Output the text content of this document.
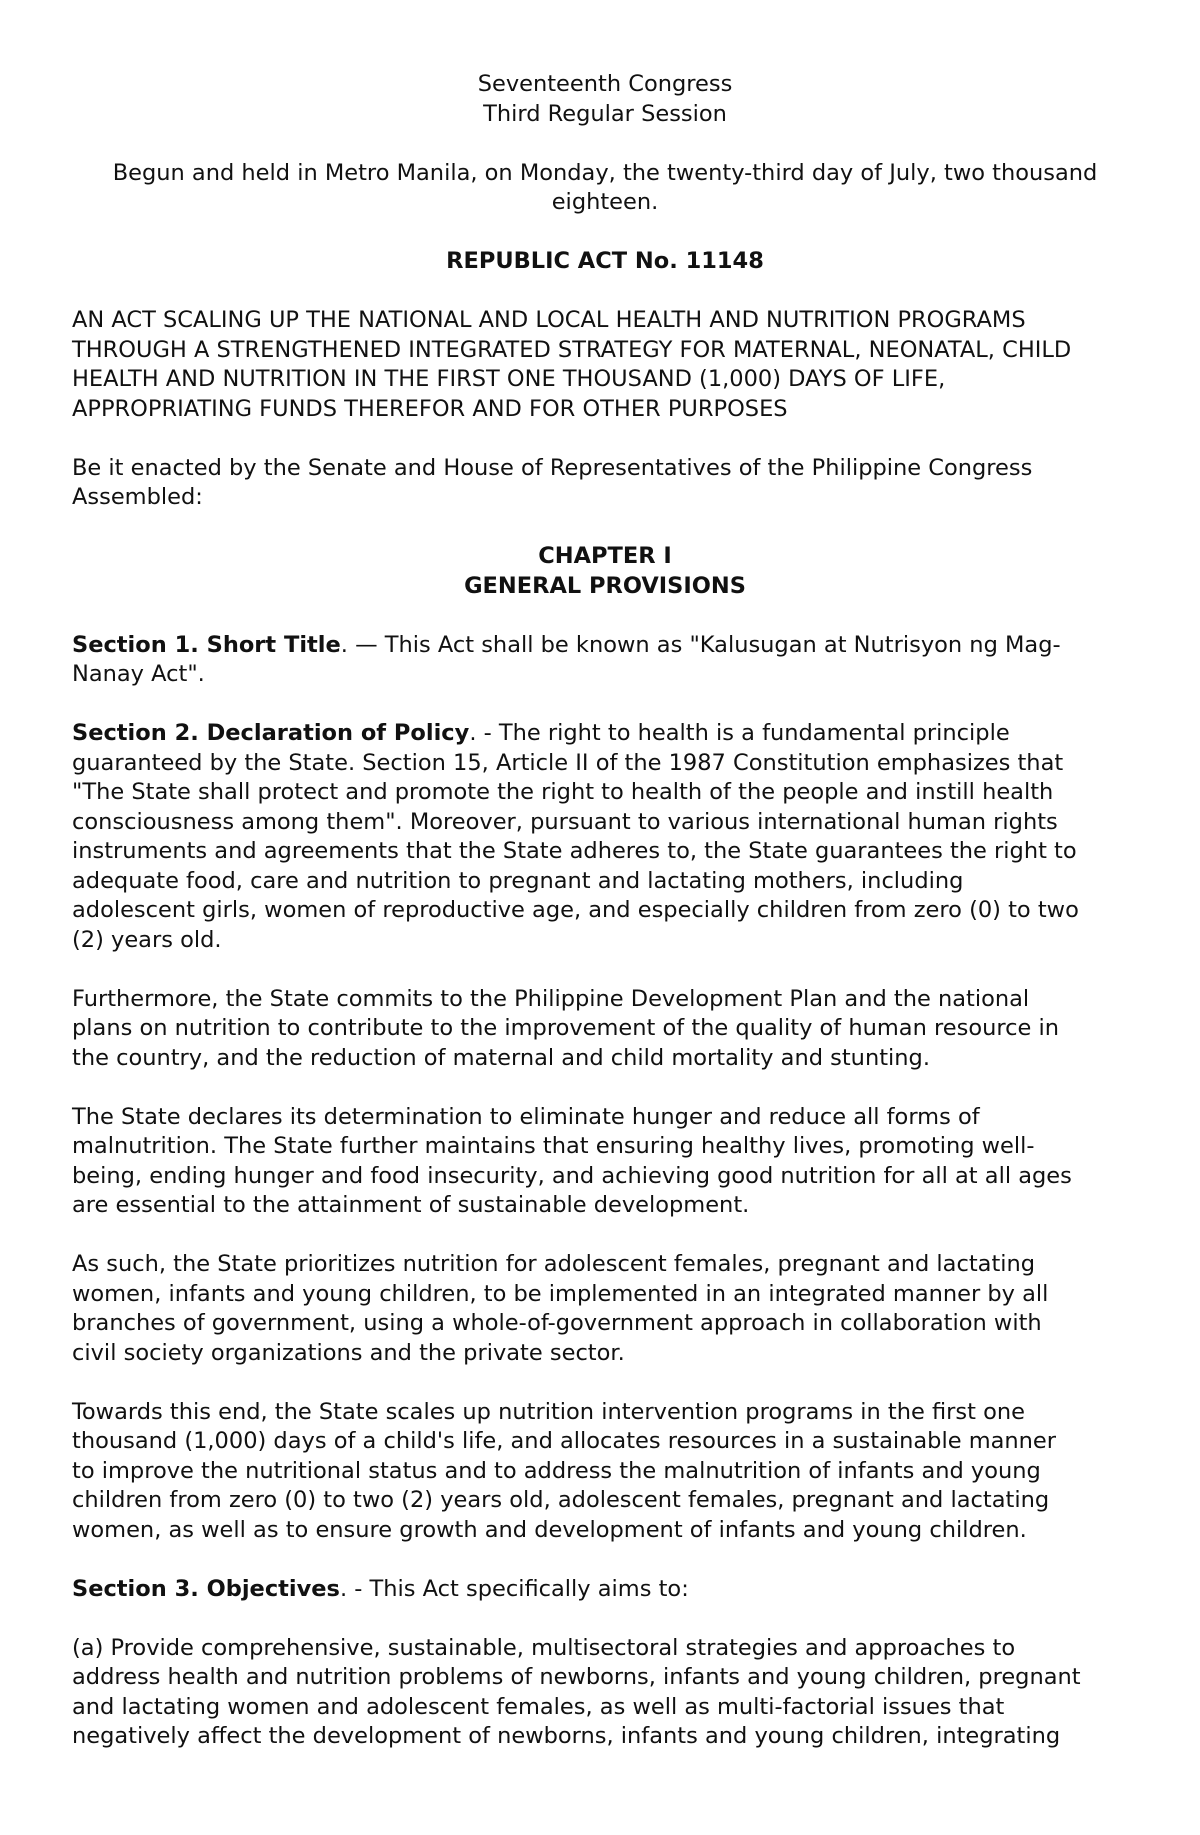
Seventeenth Congress

Third Regular Session

Begun and held in Metro Manila, on Monday, the twenty-third day of July, two thousand

eighteen.

REPUBLIC ACT No. 11148

AN ACT SCALING UP THE NATIONAL AND LOCAL HEALTH AND NUTRITION PROGRAMS

THROUGH A STRENGTHENED INTEGRATED STRATEGY FOR MATERNAL, NEONATAL, CHILD

HEALTH AND NUTRITION IN THE FIRST ONE THOUSAND (1,000) DAYS OF LIFE,

APPROPRIATING FUNDS THEREFOR AND FOR OTHER PURPOSES

Be it enacted by the Senate and House of Representatives of the Philippine Congress

Assembled:

CHAPTER I

GENERAL PROVISIONS

Section 1. Short Title. — This Act shall be known as "Kalusugan at Nutrisyon ng Mag-

Nanay Act".

Section 2. Declaration of Policy. - The right to health is a fundamental principle

guaranteed by the State. Section 15, Article II of the 1987 Constitution emphasizes that

"The State shall protect and promote the right to health of the people and instill health

consciousness among them". Moreover, pursuant to various international human rights

instruments and agreements that the State adheres to, the State guarantees the right to

adequate food, care and nutrition to pregnant and lactating mothers, including

adolescent girls, women of reproductive age, and especially children from zero (0) to two

(2) years old.

Furthermore, the State commits to the Philippine Development Plan and the national

plans on nutrition to contribute to the improvement of the quality of human resource in

the country, and the reduction of maternal and child mortality and stunting.

The State declares its determination to eliminate hunger and reduce all forms of

malnutrition. The State further maintains that ensuring healthy lives, promoting well-

being, ending hunger and food insecurity, and achieving good nutrition for all at all ages

are essential to the attainment of sustainable development.

As such, the State prioritizes nutrition for adolescent females, pregnant and lactating

women, infants and young children, to be implemented in an integrated manner by all

branches of government, using a whole-of-government approach in collaboration with

civil society organizations and the private sector.

Towards this end, the State scales up nutrition intervention programs in the first one

thousand (1,000) days of a child's life, and allocates resources in a sustainable manner

to improve the nutritional status and to address the malnutrition of infants and young

children from zero (0) to two (2) years old, adolescent females, pregnant and lactating

women, as well as to ensure growth and development of infants and young children.

Section 3. Objectives. - This Act specifically aims to:

(a) Provide comprehensive, sustainable, multisectoral strategies and approaches to

address health and nutrition problems of newborns, infants and young children, pregnant

and lactating women and adolescent females, as well as multi-factorial issues that

negatively affect the development of newborns, infants and young children, integrating
